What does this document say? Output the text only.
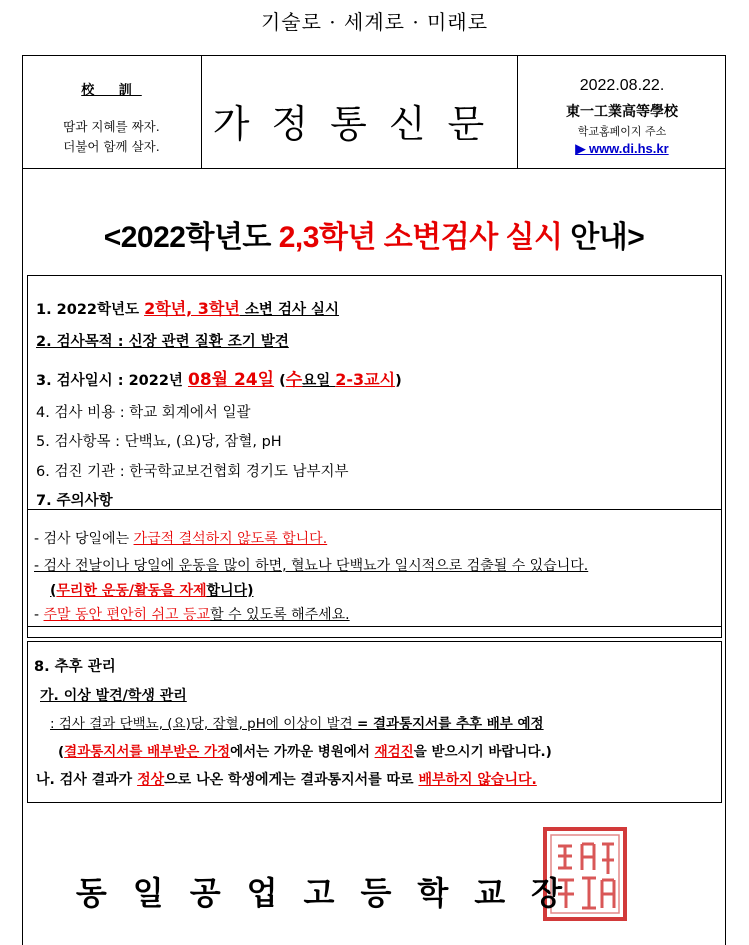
기술로 · 세계로 · 미래로
校 訓
땀과 지혜를 짜자.
더불어 함께 살자.
가정통신문
2022.08.22.
東一工業高等學校
학교홈페이지 주소
▶ www.di.hs.kr
<2022학년도 2,3학년 소변검사 실시 안내>
1. 2022학년도 2학년, 3학년 소변 검사 실시
2. 검사목적 : 신장 관련 질환 조기 발견
3. 검사일시 : 2022년 08월 24일 (수요일 2-3교시)
4. 검사 비용 : 학교 회계에서 일괄
5. 검사항목 : 단백뇨, (요)당, 잠혈, pH
6. 검진 기관 : 한국학교보건협회 경기도 남부지부
7. 주의사항
- 검사 당일에는 가급적 결석하지 않도록 합니다.
- 검사 전날이나 당일에 운동을 많이 하면, 혈뇨나 단백뇨가 일시적으로 검출될 수 있습니다.
(무리한 운동/활동을 자제합니다)
- 주말 동안 편안히 쉬고 등교할 수 있도록 해주세요.
8. 추후 관리
가. 이상 발견/학생 관리
: 검사 결과 단백뇨, (요)당, 잠혈, pH에 이상이 발견 = 결과통지서를 추후 배부 예정
(결과통지서를 배부받은 가정에서는 가까운 병원에서 재검진을 받으시기 바랍니다.)
나. 검사 결과가 정상으로 나온 학생에게는 결과통지서를 따로 배부하지 않습니다.
동일공업고등학교장
